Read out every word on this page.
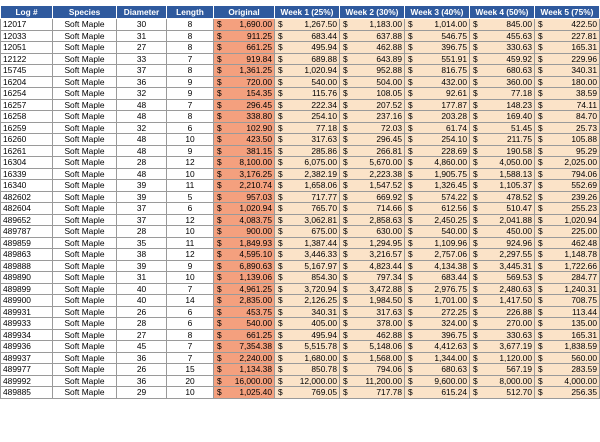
Log #	Species	Diameter	Length	Original	Week 1 (25%)	Week 2 (30%)	Week 3 (40%)	Week 4 (50%)	Week 5 (75%)
12017	Soft Maple	30	8	$ 1,690.00	$ 1,267.50	$ 1,183.00	$ 1,014.00	$ 845.00	$ 422.50

12033	Soft Maple	31	8	$ 911.25	$ 683.44	$ 637.88	$ 546.75	$ 455.63	$ 227.81

12051	Soft Maple	27	8	$ 661.25	$ 495.94	$ 462.88	$ 396.75	$ 330.63	$ 165.31

12122	Soft Maple	33	7	$ 919.84	$ 689.88	$ 643.89	$ 551.91	$ 459.92	$ 229.96

15745	Soft Maple	37	8	$ 1,361.25	$ 1,020.94	$ 952.88	$ 816.75	$ 680.63	$ 340.31

16204	Soft Maple	36	9	$ 720.00	$ 540.00	$ 504.00	$ 432.00	$ 360.00	$ 180.00

16254	Soft Maple	32	9	$ 154.35	$ 115.76	$ 108.05	$ 92.61	$ 77.18	$ 38.59

16257	Soft Maple	48	7	$ 296.45	$ 222.34	$ 207.52	$ 177.87	$ 148.23	$ 74.11

16258	Soft Maple	48	8	$ 338.80	$ 254.10	$ 237.16	$ 203.28	$ 169.40	$ 84.70

16259	Soft Maple	32	6	$ 102.90	$ 77.18	$ 72.03	$ 61.74	$ 51.45	$ 25.73

16260	Soft Maple	48	10	$ 423.50	$ 317.63	$ 296.45	$ 254.10	$ 211.75	$ 105.88

16261	Soft Maple	48	9	$ 381.15	$ 285.86	$ 266.81	$ 228.69	$ 190.58	$ 95.29

16304	Soft Maple	28	12	$ 8,100.00	$ 6,075.00	$ 5,670.00	$ 4,860.00	$ 4,050.00	$ 2,025.00

16339	Soft Maple	48	10	$ 3,176.25	$ 2,382.19	$ 2,223.38	$ 1,905.75	$ 1,588.13	$ 794.06

16340	Soft Maple	39	11	$ 2,210.74	$ 1,658.06	$ 1,547.52	$ 1,326.45	$ 1,105.37	$ 552.69

482602	Soft Maple	39	5	$ 957.03	$ 717.77	$ 669.92	$ 574.22	$ 478.52	$ 239.26

482604	Soft Maple	37	6	$ 1,020.94	$ 765.70	$ 714.66	$ 612.56	$ 510.47	$ 255.23

489652	Soft Maple	37	12	$ 4,083.75	$ 3,062.81	$ 2,858.63	$ 2,450.25	$ 2,041.88	$ 1,020.94

489787	Soft Maple	28	10	$ 900.00	$ 675.00	$ 630.00	$ 540.00	$ 450.00	$ 225.00

489859	Soft Maple	35	11	$ 1,849.93	$ 1,387.44	$ 1,294.95	$ 1,109.96	$ 924.96	$ 462.48

489863	Soft Maple	38	12	$ 4,595.10	$ 3,446.33	$ 3,216.57	$ 2,757.06	$ 2,297.55	$ 1,148.78

489888	Soft Maple	39	9	$ 6,890.63	$ 5,167.97	$ 4,823.44	$ 4,134.38	$ 3,445.31	$ 1,722.66

489890	Soft Maple	31	10	$ 1,139.06	$ 854.30	$ 797.34	$ 683.44	$ 569.53	$ 284.77

489899	Soft Maple	40	7	$ 4,961.25	$ 3,720.94	$ 3,472.88	$ 2,976.75	$ 2,480.63	$ 1,240.31

489900	Soft Maple	40	14	$ 2,835.00	$ 2,126.25	$ 1,984.50	$ 1,701.00	$ 1,417.50	$ 708.75

489931	Soft Maple	26	6	$ 453.75	$ 340.31	$ 317.63	$ 272.25	$ 226.88	$ 113.44

489933	Soft Maple	28	6	$ 540.00	$ 405.00	$ 378.00	$ 324.00	$ 270.00	$ 135.00

489934	Soft Maple	27	8	$ 661.25	$ 495.94	$ 462.88	$ 396.75	$ 330.63	$ 165.31

489936	Soft Maple	45	7	$ 7,354.38	$ 5,515.78	$ 5,148.06	$ 4,412.63	$ 3,677.19	$ 1,838.59

489937	Soft Maple	36	7	$ 2,240.00	$ 1,680.00	$ 1,568.00	$ 1,344.00	$ 1,120.00	$ 560.00

489977	Soft Maple	26	15	$ 1,134.38	$ 850.78	$ 794.06	$ 680.63	$ 567.19	$ 283.59

489992	Soft Maple	36	20	$ 16,000.00	$ 12,000.00	$ 11,200.00	$ 9,600.00	$ 8,000.00	$ 4,000.00

489885	Soft Maple	29	10	$ 1,025.40	$ 769.05	$ 717.78	$ 615.24	$ 512.70	$ 256.35
